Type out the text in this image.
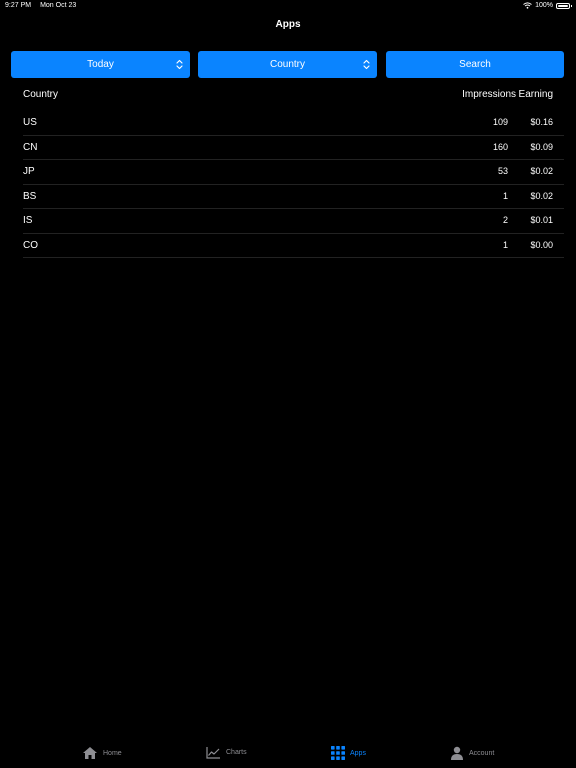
9:27 PM Mon Oct 23	100%
Apps
Today	Country	Search
Country	Impressions Earning
US	109 $0.16
CN	160 $0.09
JP	53 $0.02
BS	1 $0.02
IS	2 $0.01
CO	1 $0.00
Home	Charts	Apps	Account
